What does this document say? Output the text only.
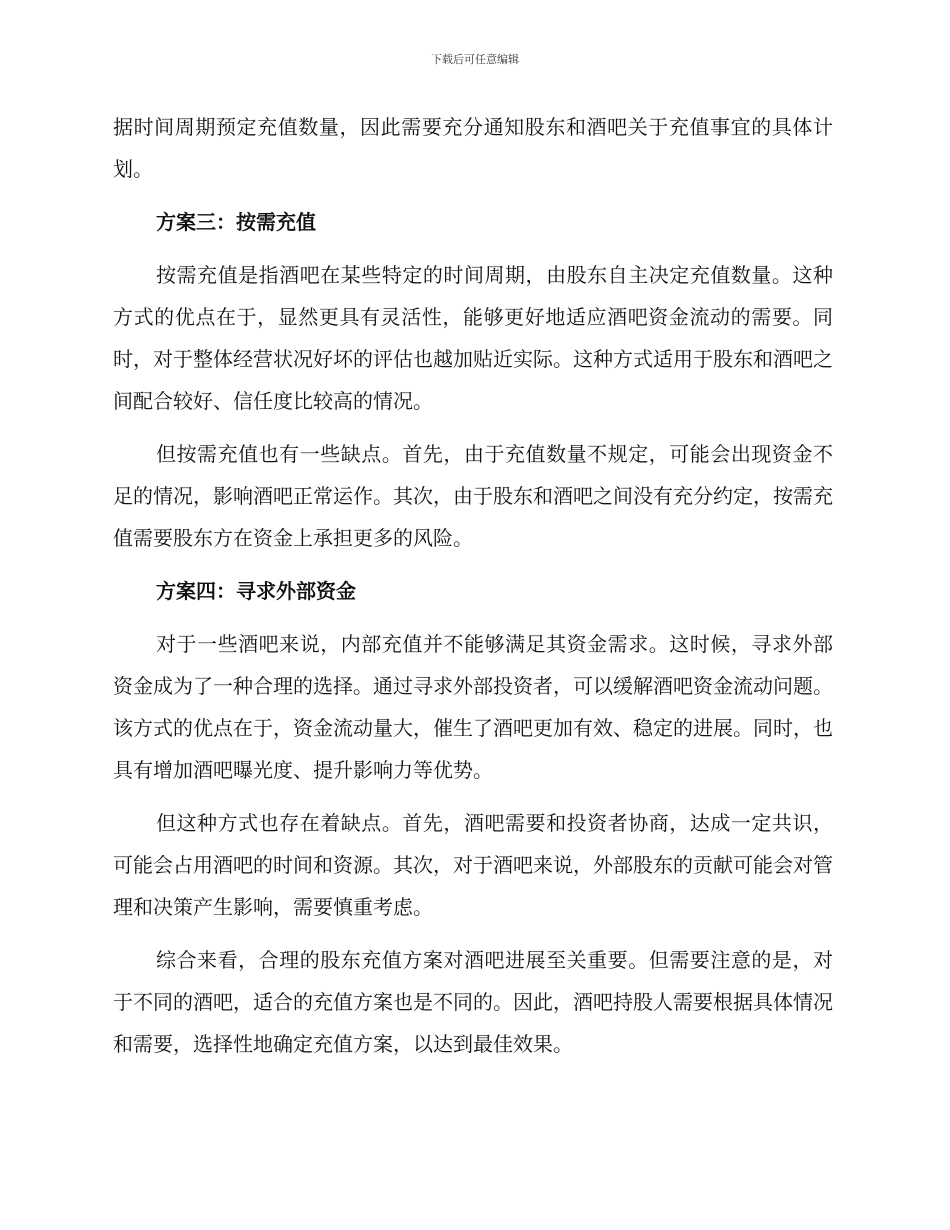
下载后可任意编辑

据时间周期预定充值数量，因此需要充分通知股东和酒吧关于充值事宜的具体计划。

方案三：按需充值

按需充值是指酒吧在某些特定的时间周期，由股东自主决定充值数量。这种方式的优点在于，显然更具有灵活性，能够更好地适应酒吧资金流动的需要。同时，对于整体经营状况好坏的评估也越加贴近实际。这种方式适用于股东和酒吧之间配合较好、信任度比较高的情况。

但按需充值也有一些缺点。首先，由于充值数量不规定，可能会出现资金不足的情况，影响酒吧正常运作。其次，由于股东和酒吧之间没有充分约定，按需充值需要股东方在资金上承担更多的风险。

方案四：寻求外部资金

对于一些酒吧来说，内部充值并不能够满足其资金需求。这时候，寻求外部资金成为了一种合理的选择。通过寻求外部投资者，可以缓解酒吧资金流动问题。该方式的优点在于，资金流动量大，催生了酒吧更加有效、稳定的进展。同时，也具有增加酒吧曝光度、提升影响力等优势。

但这种方式也存在着缺点。首先，酒吧需要和投资者协商，达成一定共识，可能会占用酒吧的时间和资源。其次，对于酒吧来说，外部股东的贡献可能会对管理和决策产生影响，需要慎重考虑。

综合来看，合理的股东充值方案对酒吧进展至关重要。但需要注意的是，对于不同的酒吧，适合的充值方案也是不同的。因此，酒吧持股人需要根据具体情况和需要，选择性地确定充值方案，以达到最佳效果。
